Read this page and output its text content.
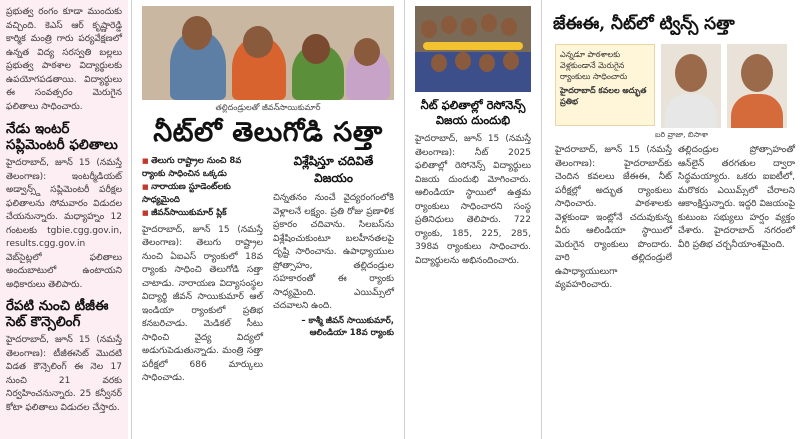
ప్రభుత్వ రంగం కూడా ముందుకు వచ్చింది. కెఎస్ ఆర్ కృష్ణారెడ్డి కార్మిక మంత్రి గారు పర్యవేక్షణలో ఉన్నత విద్య సరస్వతి బల్లలు ప్రభుత్వ పాఠశాల విద్యార్థులకు ఉపయోగపడతాయి. విద్యార్థులు ఈ సంవత్సరం మెరుగైన ఫలితాలు సాధించారు.
నేడు ఇంటర్ సప్లిమెంటరీ ఫలితాలు
హైదరాబాద్, జూన్ 15 (నమస్తే తెలంగాణ): ఇంటర్మీడియట్ అడ్వాన్స్డ్ సప్లిమెంటరీ పరీక్షల ఫలితాలను సోమవారం విడుదల చేయనున్నారు. మధ్యాహ్నం 12 గంటలకు tgbie.cgg.gov.in, results.cgg.gov.in వెబ్‌సైట్లలో ఫలితాలు అందుబాటులో ఉంటాయని అధికారులు తెలిపారు.
రేపటి నుంచి టీజీఈ సెట్ కౌన్సెలింగ్
హైదరాబాద్, జూన్ 15 (నమస్తే తెలంగాణ): టీజీఈసెట్ మొదటి విడత కౌన్సెలింగ్ ఈ నెల 17 నుంచి 21 వరకు నిర్వహించనున్నారు. 25 కన్వీనర్ కోటా ఫలితాలు విడుదల చేస్తారు.
తల్లిదండ్రులతో జీవన్‌సాయికుమార్
నీట్‌లో తెలుగోడి సత్తా
■ తెలుగు రాష్ట్రాల నుంచి 8వ ర్యాంకు సాధించిన ఒక్కడు
■ నారాయణ స్టూడెంట్‌లకు సాధ్యమైంది
■ జీవన్‌సాయికుమార్ ప్లిక్
హైదరాబాద్, జూన్ 15 (నమస్తే తెలంగాణ): తెలుగు రాష్ట్రాల నుంచి ఏఐఎస్ ర్యాంకులో 18వ ర్యాంకు సాధించి తెలుగోడి సత్తా చాటాడు. నారాయణ విద్యాసంస్థల విద్యార్థి జీవన్ సాయికుమార్ ఆల్ ఇండియా ర్యాంకులో ప్రతిభ కనబరిచాడు. మెడికల్ సీటు సాధించి వైద్య విద్యలో అడుగుపెడుతున్నాడు. మంత్రి సత్తా పరీక్షలో 686 మార్కులు సాధించాడు.
విశ్లేషిస్తూ చదివితే విజయం
చిన్నతనం నుంచే వైద్యరంగంలోకి వెళ్లాలనే లక్ష్యం. ప్రతి రోజు ప్రణాళిక ప్రకారం చదివాను. సిలబస్‌ను విశ్లేషించుకుంటూ బలహీనతలపై దృష్టి సారించాను. ఉపాధ్యాయుల ప్రోత్సాహం, తల్లిదండ్రుల సహకారంతో ఈ ర్యాంకు సాధ్యమైంది. ఎయిమ్స్‌లో చదవాలని ఉంది.
– కాశ్మీ జీవన్ సాయికుమార్, ఆలిండియా 18వ ర్యాంకు
నీట్ ఫలితాల్లో రెసోనెన్స్ విజయ దుందుభి
హైదరాబాద్, జూన్ 15 (నమస్తే తెలంగాణ): నీట్ 2025 ఫలితాల్లో రెసోనెన్స్ విద్యార్థులు విజయ దుందుభి మోగించారు. ఆలిండియా స్థాయిలో ఉత్తమ ర్యాంకులు సాధించారని సంస్థ ప్రతినిధులు తెలిపారు. 722 ర్యాంకు, 185, 225, 285, 398వ ర్యాంకులు సాధించారు. విద్యార్థులను అభినందించారు.
జేఈఈ, నీట్‌లో ట్విన్స్ సత్తా

ఎన్నడూ పాఠశాలకు వెళ్లకుండానే మెరుగైన ర్యాంకులు సాధించారు

హైదరాబాద్ కవలల అద్భుత ప్రతిభ

బరి వ్రాజా, బిసాశా
హైదరాబాద్, జూన్ 15 (నమస్తే తెలంగాణ): హైదరాబాద్‌కు చెందిన కవలలు జేఈఈ, నీట్ పరీక్షల్లో అద్భుత ర్యాంకులు సాధించారు. పాఠశాలకు వెళ్లకుండా ఇంట్లోనే చదువుకున్న వీరు ఆలిండియా స్థాయిలో మెరుగైన ర్యాంకులు పొందారు. వారి తల్లిదండ్రులే ఉపాధ్యాయులుగా వ్యవహరించారు.
తల్లిదండ్రుల ప్రోత్సాహంతో ఆన్‌లైన్ తరగతుల ద్వారా సిద్ధమయ్యారు. ఒకరు ఐఐటీలో, మరొకరు ఎయిమ్స్‌లో చేరాలని ఆకాంక్షిస్తున్నారు. ఇద్దరి విజయంపై కుటుంబ సభ్యులు హర్షం వ్యక్తం చేశారు. హైదరాబాద్ నగరంలో వీరి ప్రతిభ చర్చనీయాంశమైంది.
